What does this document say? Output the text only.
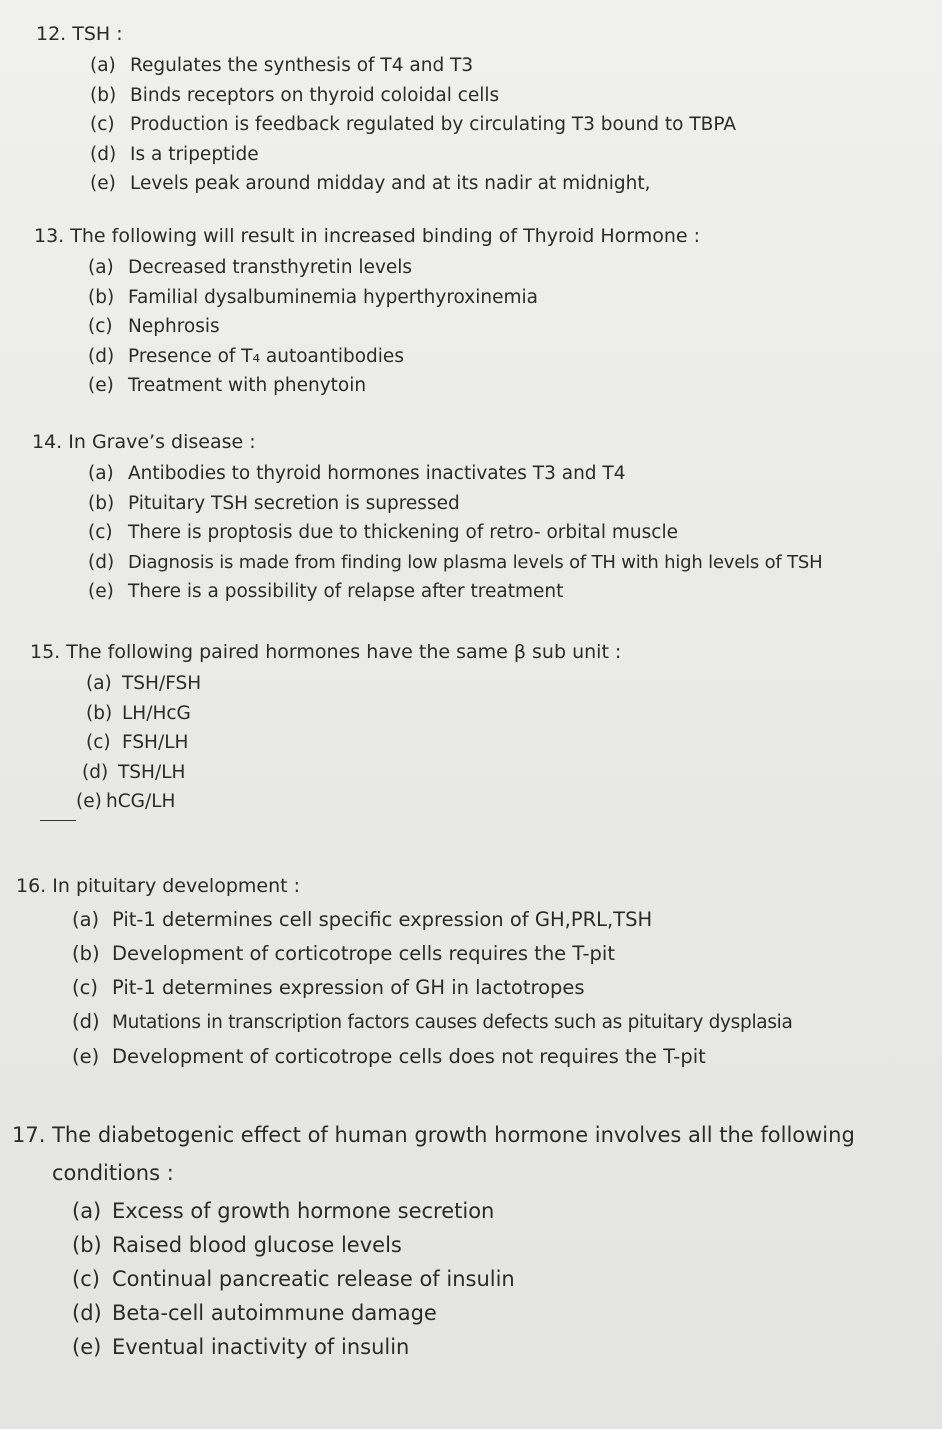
12. TSH :
(a) Regulates the synthesis of T4 and T3
(b) Binds receptors on thyroid coloidal cells
(c) Production is feedback regulated by circulating T3 bound to TBPA
(d) Is a tripeptide
(e) Levels peak around midday and at its nadir at midnight,
13. The following will result in increased binding of Thyroid Hormone :
(a) Decreased transthyretin levels
(b) Familial dysalbuminemia hyperthyroxinemia
(c) Nephrosis
(d) Presence of T₄ autoantibodies
(e) Treatment with phenytoin
14. In Grave’s disease :
(a) Antibodies to thyroid hormones inactivates T3 and T4
(b) Pituitary TSH secretion is supressed
(c) There is proptosis due to thickening of retro- orbital muscle
(d) Diagnosis is made from finding low plasma levels of TH with high levels of TSH
(e) There is a possibility of relapse after treatment
15. The following paired hormones have the same β sub unit :
(a) TSH/FSH
(b) LH/HcG
(c) FSH/LH
(d) TSH/LH
(e) hCG/LH
16. In pituitary development :
(a) Pit-1 determines cell specific expression of GH,PRL,TSH
(b) Development of corticotrope cells requires the T-pit
(c) Pit-1 determines expression of GH in lactotropes
(d) Mutations in transcription factors causes defects such as pituitary dysplasia
(e) Development of corticotrope cells does not requires the T-pit
17. The diabetogenic effect of human growth hormone involves all the following conditions :
(a) Excess of growth hormone secretion
(b) Raised blood glucose levels
(c) Continual pancreatic release of insulin
(d) Beta-cell autoimmune damage
(e) Eventual inactivity of insulin
